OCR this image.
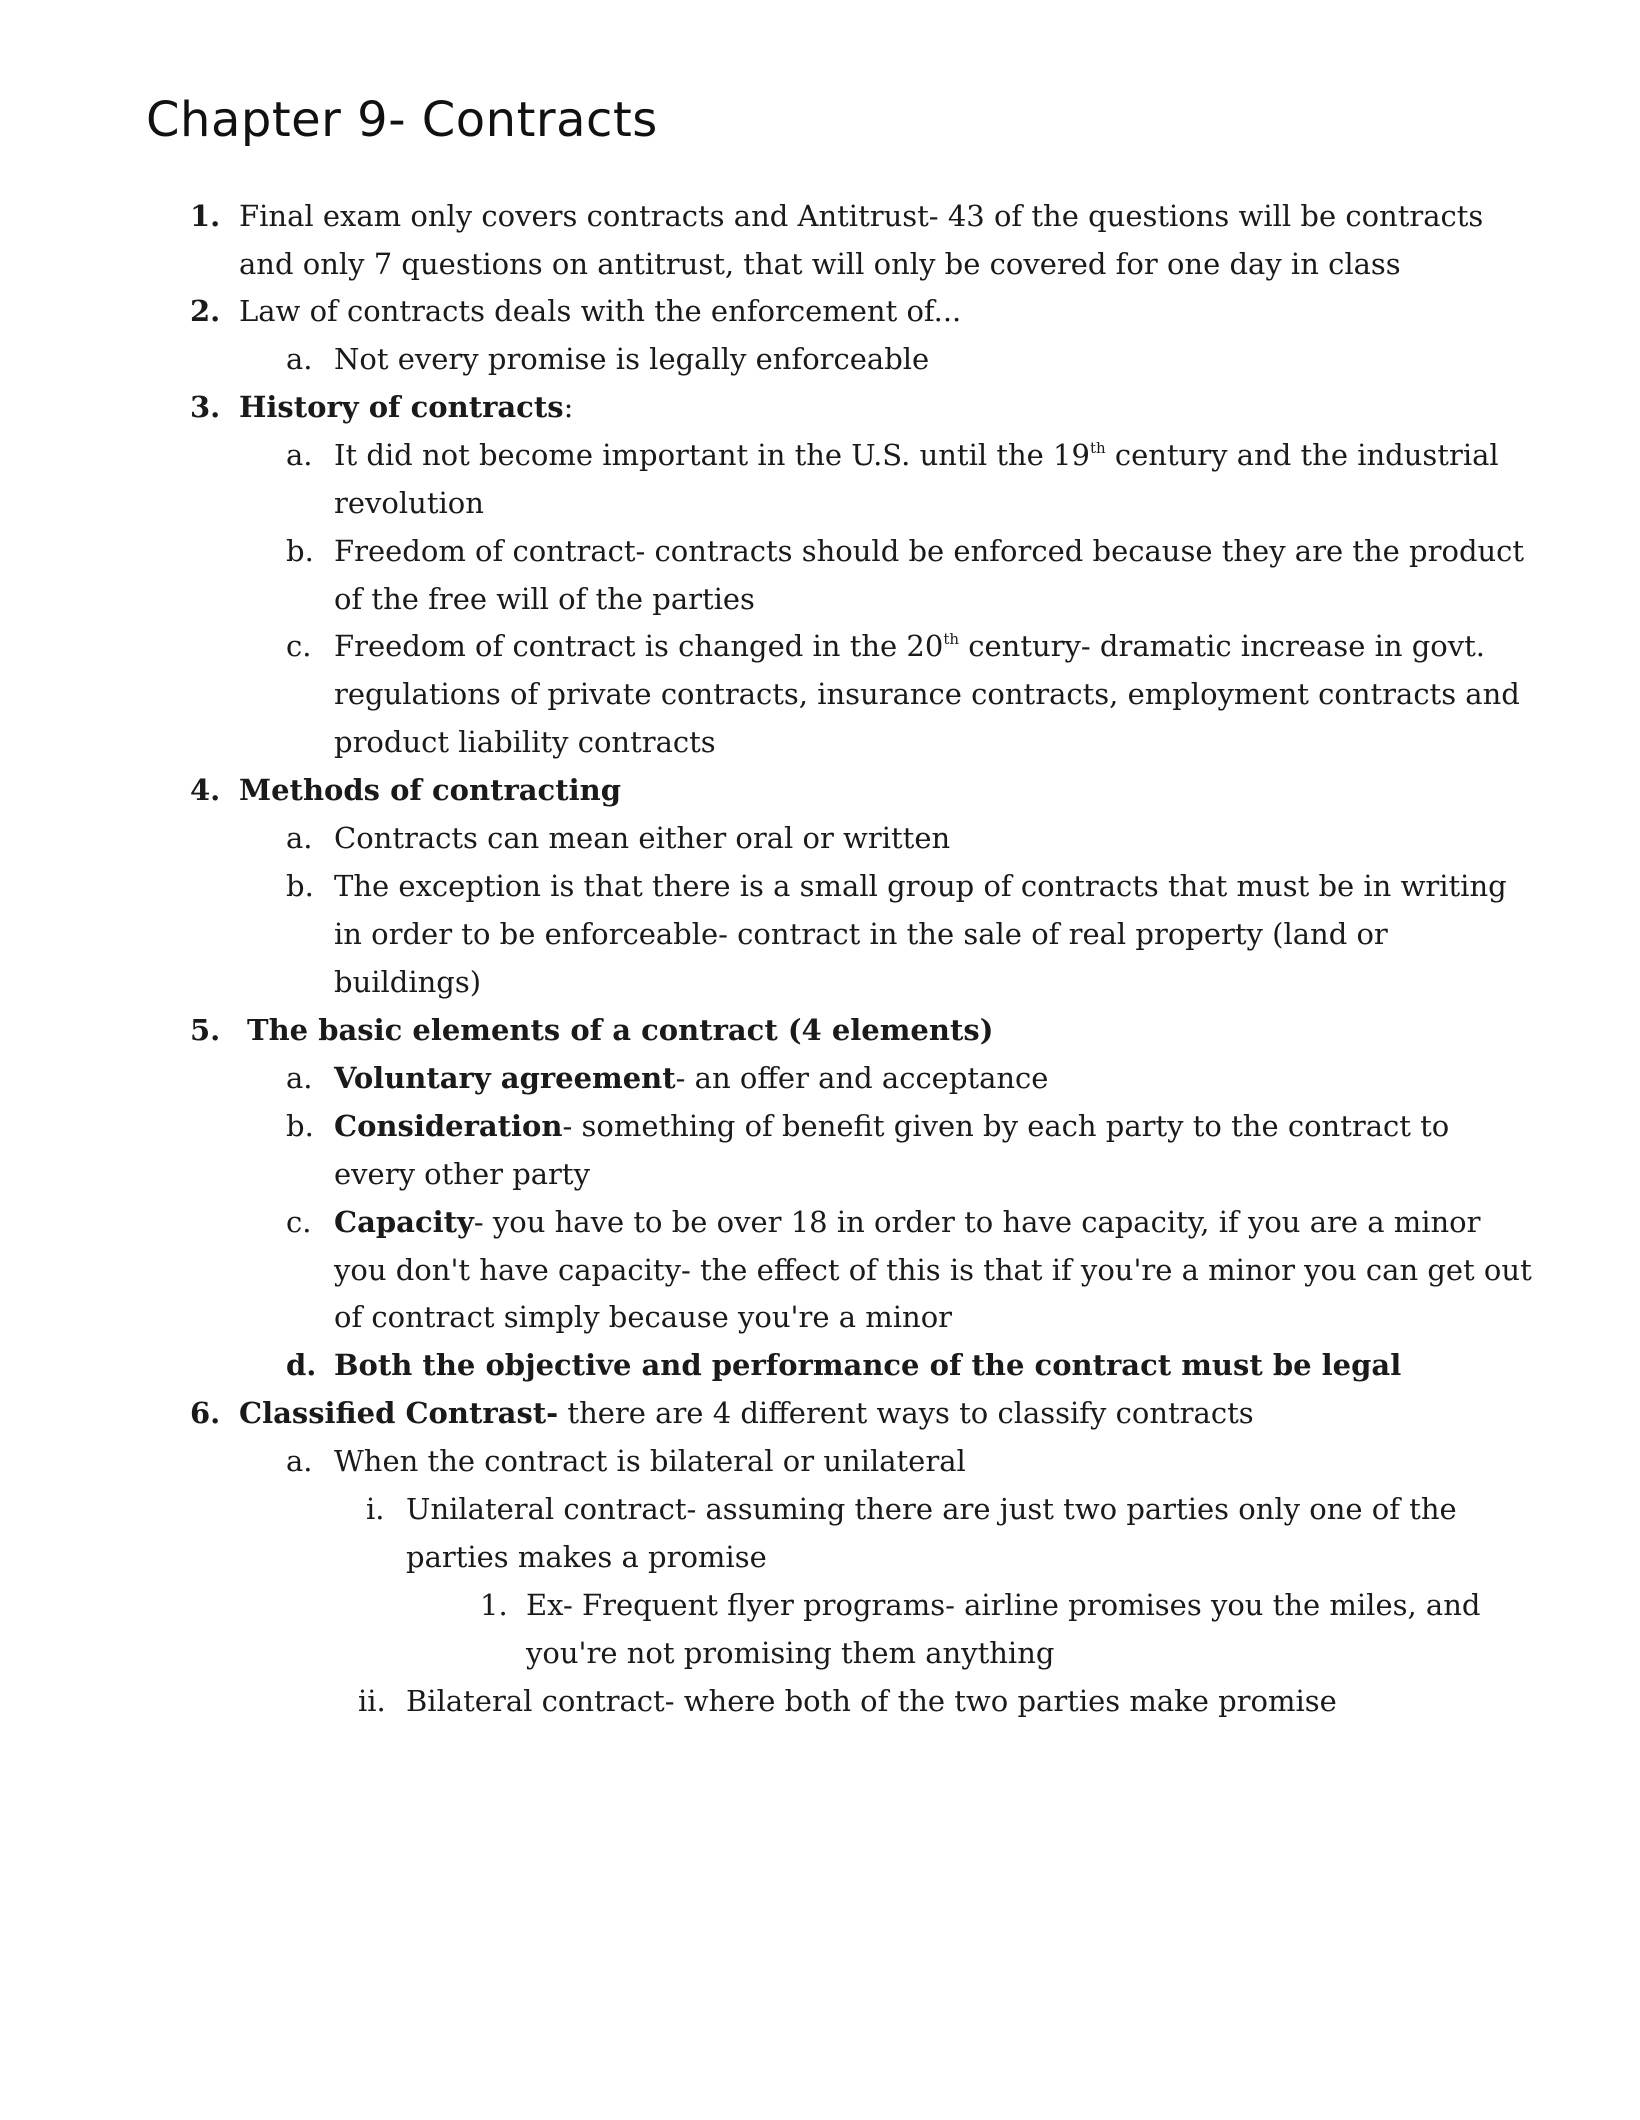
Chapter 9- Contracts
1. Final exam only covers contracts and Antitrust- 43 of the questions will be contracts
and only 7 questions on antitrust, that will only be covered for one day in class
2. Law of contracts deals with the enforcement of...
a. Not every promise is legally enforceable
3. History of contracts:
a. It did not become important in the U.S. until the 19th century and the industrial
revolution
b. Freedom of contract- contracts should be enforced because they are the product
of the free will of the parties
c. Freedom of contract is changed in the 20th century- dramatic increase in govt.
regulations of private contracts, insurance contracts, employment contracts and
product liability contracts
4. Methods of contracting
a. Contracts can mean either oral or written
b. The exception is that there is a small group of contracts that must be in writing
in order to be enforceable- contract in the sale of real property (land or
buildings)
5. The basic elements of a contract (4 elements)
a. Voluntary agreement- an offer and acceptance
b. Consideration- something of benefit given by each party to the contract to
every other party
c. Capacity- you have to be over 18 in order to have capacity, if you are a minor
you don't have capacity- the effect of this is that if you're a minor you can get out
of contract simply because you're a minor
d. Both the objective and performance of the contract must be legal
6. Classified Contrast- there are 4 different ways to classify contracts
a. When the contract is bilateral or unilateral
i. Unilateral contract- assuming there are just two parties only one of the
parties makes a promise
1. Ex- Frequent flyer programs- airline promises you the miles, and
you're not promising them anything
ii. Bilateral contract- where both of the two parties make promise
